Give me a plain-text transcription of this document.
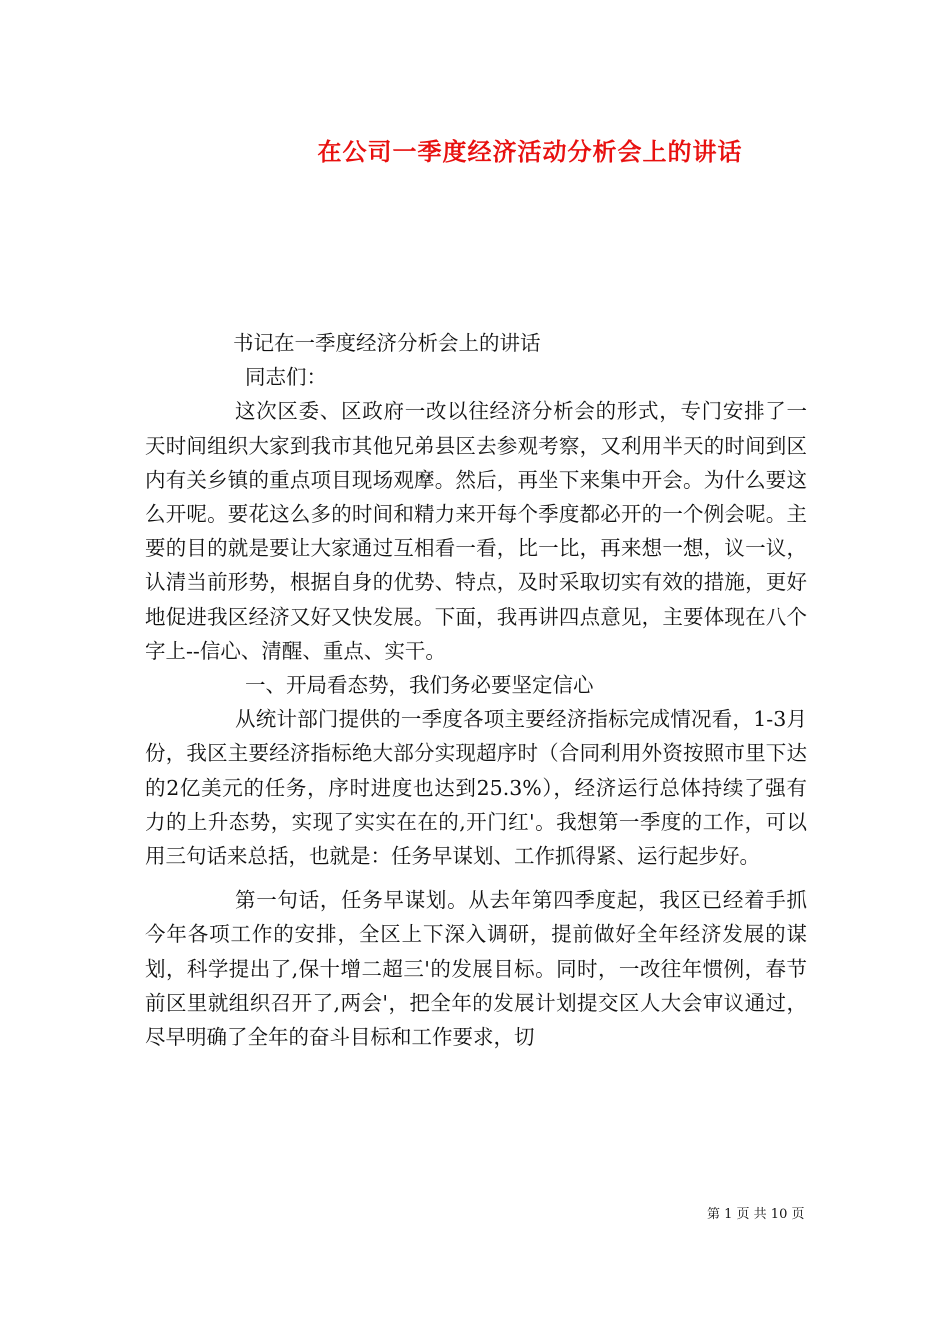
在公司一季度经济活动分析会上的讲话

书记在一季度经济分析会上的讲话

同志们：

这次区委、区政府一改以往经济分析会的形式，专门安排了一天时间组织大家到我市其他兄弟县区去参观考察，又利用半天的时间到区内有关乡镇的重点项目现场观摩。然后，再坐下来集中开会。为什么要这么开呢。要花这么多的时间和精力来开每个季度都必开的一个例会呢。主要的目的就是要让大家通过互相看一看，比一比，再来想一想，议一议，认清当前形势，根据自身的优势、特点，及时采取切实有效的措施，更好地促进我区经济又好又快发展。下面，我再讲四点意见，主要体现在八个字上--信心、清醒、重点、实干。

一、开局看态势，我们务必要坚定信心

从统计部门提供的一季度各项主要经济指标完成情况看，1-3月份，我区主要经济指标绝大部分实现超序时（合同利用外资按照市里下达的2亿美元的任务，序时进度也达到25.3%），经济运行总体持续了强有力的上升态势，实现了实实在在的,开门红'。我想第一季度的工作，可以用三句话来总括，也就是：任务早谋划、工作抓得紧、运行起步好。

第一句话，任务早谋划。从去年第四季度起，我区已经着手抓今年各项工作的安排，全区上下深入调研，提前做好全年经济发展的谋划，科学提出了,保十增二超三'的发展目标。同时，一改往年惯例，春节前区里就组织召开了,两会'，把全年的发展计划提交区人大会审议通过，尽早明确了全年的奋斗目标和工作要求，切

第 1 页 共 10 页
